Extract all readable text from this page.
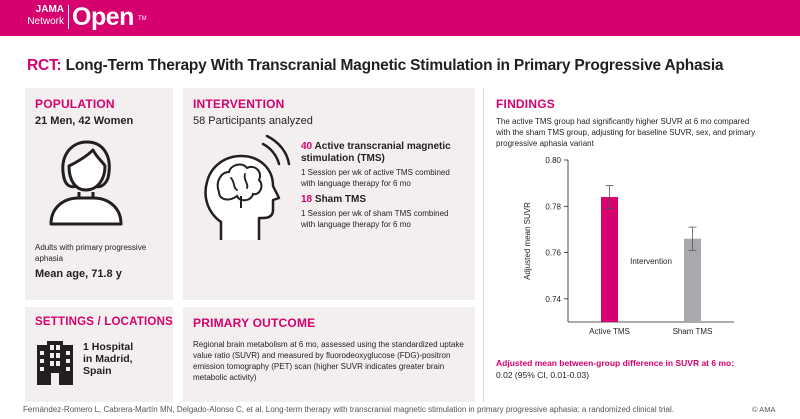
JAMA
Network Open TM
RCT: Long-Term Therapy With Transcranial Magnetic Stimulation in Primary Progressive Aphasia
POPULATION
21 Men, 42 Women
Adults with primary progressive
aphasia
Mean age, 71.8 y
INTERVENTION
58 Participants analyzed
40 Active transcranial magnetic
stimulation (TMS)
1 Session per wk of active TMS combined
with language therapy for 6 mo
18 Sham TMS
1 Session per wk of sham TMS combined
with language therapy for 6 mo
SETTINGS / LOCATIONS
1 Hospital
in Madrid,
Spain
PRIMARY OUTCOME
Regional brain metabolism at 6 mo, assessed using the standardized uptake
value ratio (SUVR) and measured by fluorodeoxyglucose (FDG)-positron
emission tomography (PET) scan (higher SUVR indicates greater brain
metabolic activity)
FINDINGS
The active TMS group had significantly higher SUVR at 6 mo compared
with the sham TMS group, adjusting for baseline SUVR, sex, and primary
progressive aphasia variant
0.74
0.76
0.78
0.80
Adjusted mean SUVR
Active TMS	Sham TMS
Intervention
Adjusted mean between-group difference in SUVR at 6 mo:
0.02 (95% CI, 0.01-0.03)
Fernández-Romero L, Cabrera-Martín MN, Delgado-Alonso C, et al. Long-term therapy with transcranial magnetic stimulation in primary progressive aphasia: a randomized clinical trial.	© AMA
